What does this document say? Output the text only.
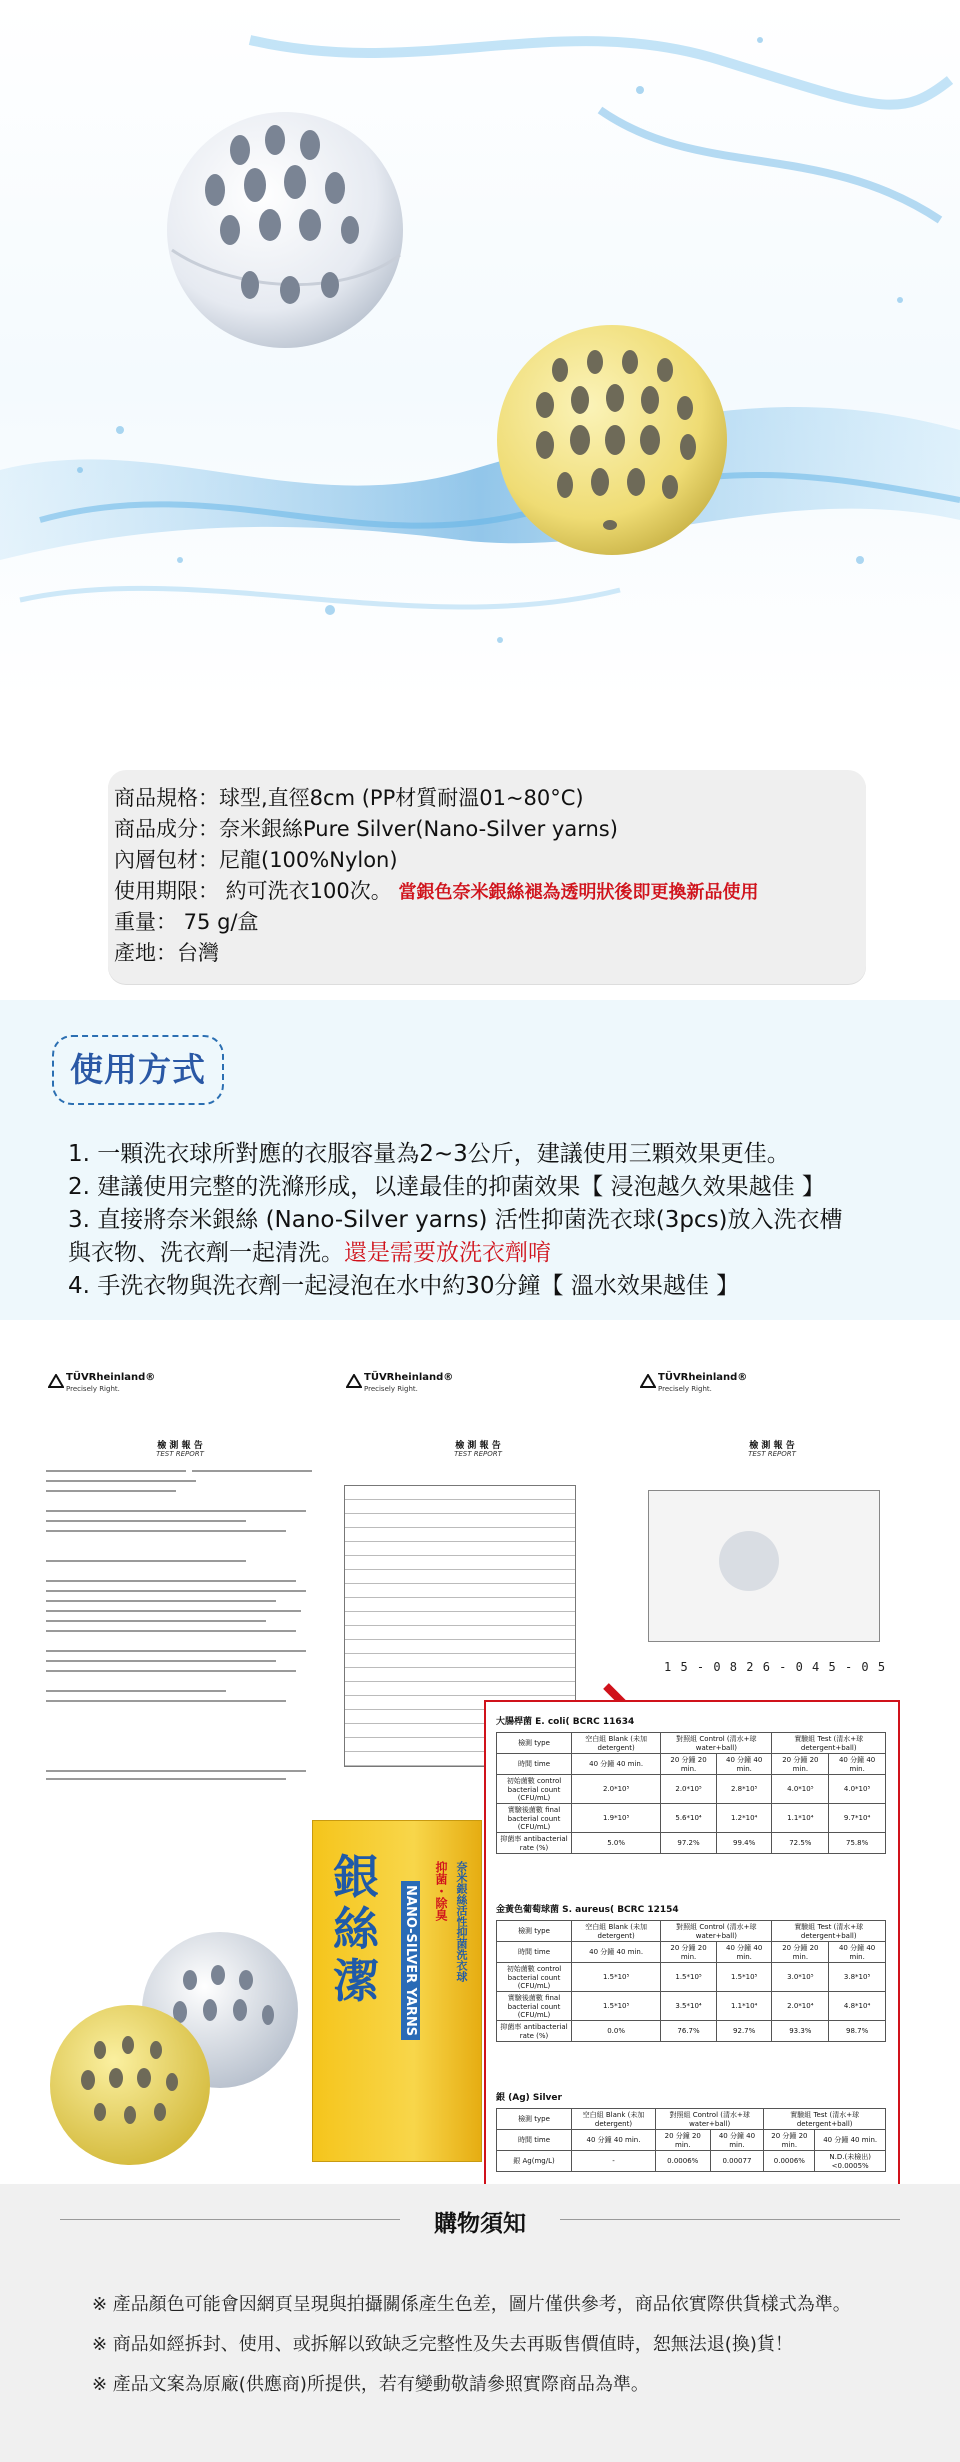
商品規格：球型,直徑8cm (PP材質耐溫01~80°C)
商品成分：奈米銀絲Pure Silver(Nano-Silver yarns)
內層包材：尼龍(100%Nylon)
使用期限： 約可洗衣100次。 當銀色奈米銀絲褪為透明狀後即更換新品使用
重量： 75 g/盒
產地：台灣
使用方式
1. 一顆洗衣球所對應的衣服容量為2~3公斤，建議使用三顆效果更佳。
2. 建議使用完整的洗滌形成，以達最佳的抑菌效果【 浸泡越久效果越佳 】
3. 直接將奈米銀絲 (Nano-Silver yarns) 活性抑菌洗衣球(3pcs)放入洗衣槽
與衣物、洗衣劑一起清洗。還是需要放洗衣劑唷
4. 手洗衣物與洗衣劑一起浸泡在水中約30分鐘【 溫水效果越佳 】
TÜVRheinland®
Precisely Right.
檢 測 報 告
TEST REPORT
TÜVRheinland®
Precisely Right.
檢 測 報 告
TEST REPORT
TÜVRheinland®
Precisely Right.
檢 測 報 告
TEST REPORT
1 5 - 0 8 2 6 - 0 4 5 - 0 5
銀絲潔	NANO-SILVER YARNS 抑菌・除臭 奈米銀絲活性抑菌洗衣球
大腸桿菌 E. coli( BCRC 11634
檢測 type	空白組 Blank (未加 detergent)	對照組 Control (清水+球 water+ball)		實驗組 Test (清水+球 detergent+ball)	
時間 time	40 分鐘 40 min.	20 分鐘 20 min.	40 分鐘 40 min.	20 分鐘 20 min.	40 分鐘 40 min.
初始菌數 control bacterial count (CFU/mL)	2.0*10⁵	2.0*10⁵	2.8*10⁵	4.0*10⁵	4.0*10⁵
實驗後菌數 final bacterial count (CFU/mL)	1.9*10⁵	5.6*10⁴	1.2*10⁴	1.1*10⁴	9.7*10⁴
抑菌率 antibacterial rate (%)	5.0%	97.2%	99.4%	72.5%	75.8%
金黃色葡萄球菌 S. aureus( BCRC 12154
檢測 type	空白組 Blank (未加 detergent)	對照組 Control (清水+球 water+ball)		實驗組 Test (清水+球 detergent+ball)	
時間 time	40 分鐘 40 min.	20 分鐘 20 min.	40 分鐘 40 min.	20 分鐘 20 min.	40 分鐘 40 min.
初始菌數 control bacterial count (CFU/mL)	1.5*10⁵	1.5*10⁵	1.5*10⁵	3.0*10⁵	3.8*10⁵
實驗後菌數 final bacterial count (CFU/mL)	1.5*10⁵	3.5*10⁴	1.1*10⁴	2.0*10⁴	4.8*10⁴
抑菌率 antibacterial rate (%)	0.0%	76.7%	92.7%	93.3%	98.7%
銀 (Ag) Silver
檢測 type	空白組 Blank (未加 detergent)	對照組 Control (清水+球 water+ball)		實驗組 Test (清水+球 detergent+ball)	
時間 time	40 分鐘 40 min.	20 分鐘 20 min.	40 分鐘 40 min.	20 分鐘 20 min.	40 分鐘 40 min.
銀 Ag(mg/L)	-	0.0006%	0.00077	0.0006%	N.D.(未檢出) <0.0005%
購物須知
※ 產品顏色可能會因網頁呈現與拍攝關係產生色差，圖片僅供參考，商品依實際供貨樣式為準。
※ 商品如經拆封、使用、或拆解以致缺乏完整性及失去再販售價值時，恕無法退(換)貨！
※ 產品文案為原廠(供應商)所提供，若有變動敬請參照實際商品為準。
